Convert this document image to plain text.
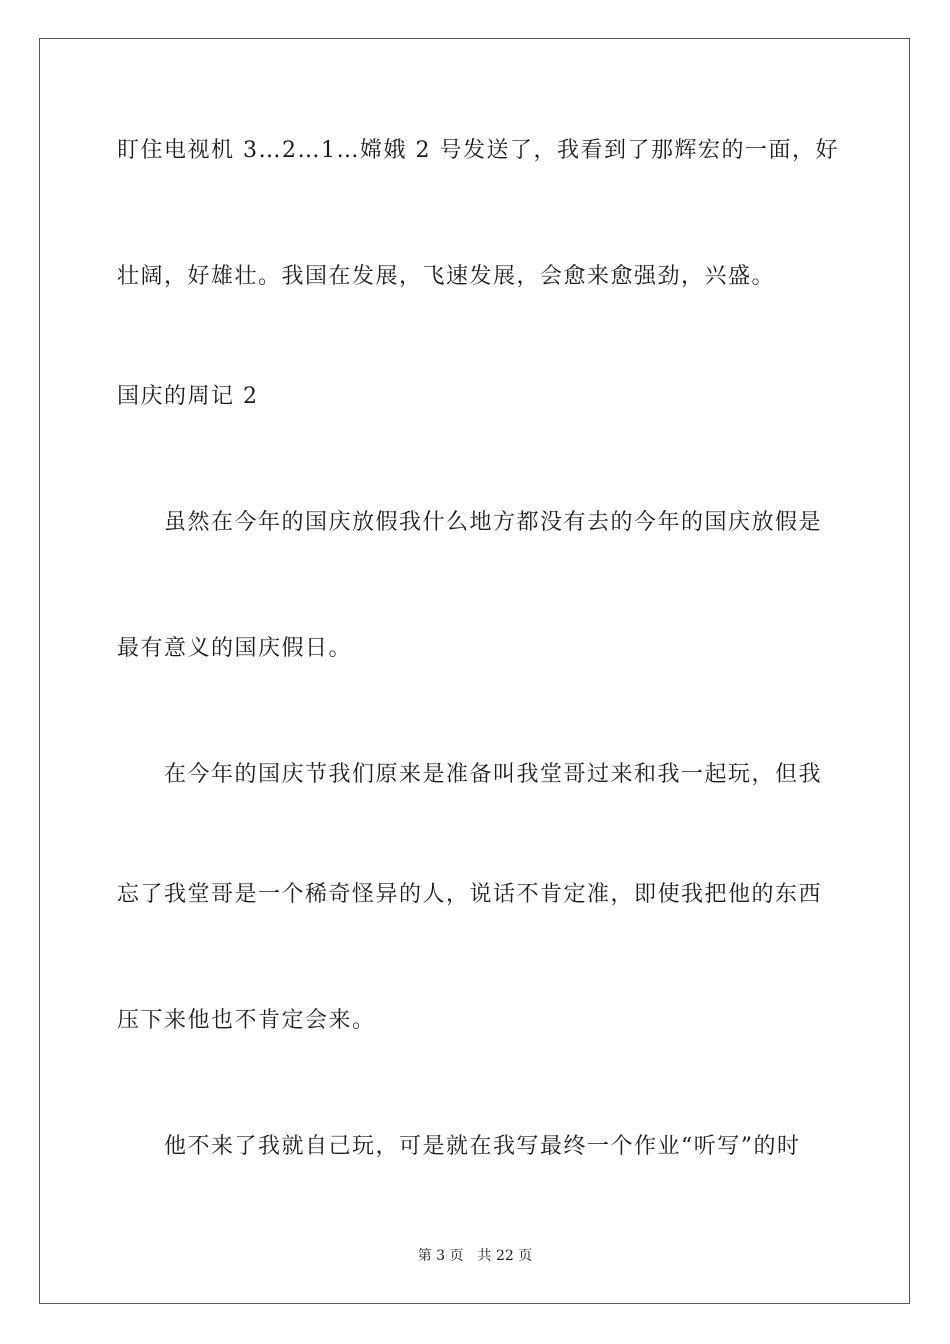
盯住电视机 3…2…1…嫦娥 2 号发送了，我看到了那辉宏的一面，好
壮阔，好雄壮。我国在发展，飞速发展，会愈来愈强劲，兴盛。
国庆的周记 2
虽然在今年的国庆放假我什么地方都没有去的今年的国庆放假是
最有意义的国庆假日。
在今年的国庆节我们原来是准备叫我堂哥过来和我一起玩，但我
忘了我堂哥是一个稀奇怪异的人，说话不肯定准，即使我把他的东西
压下来他也不肯定会来。
他不来了我就自己玩，可是就在我写最终一个作业“听写”的时
第 3 页 共 22 页
